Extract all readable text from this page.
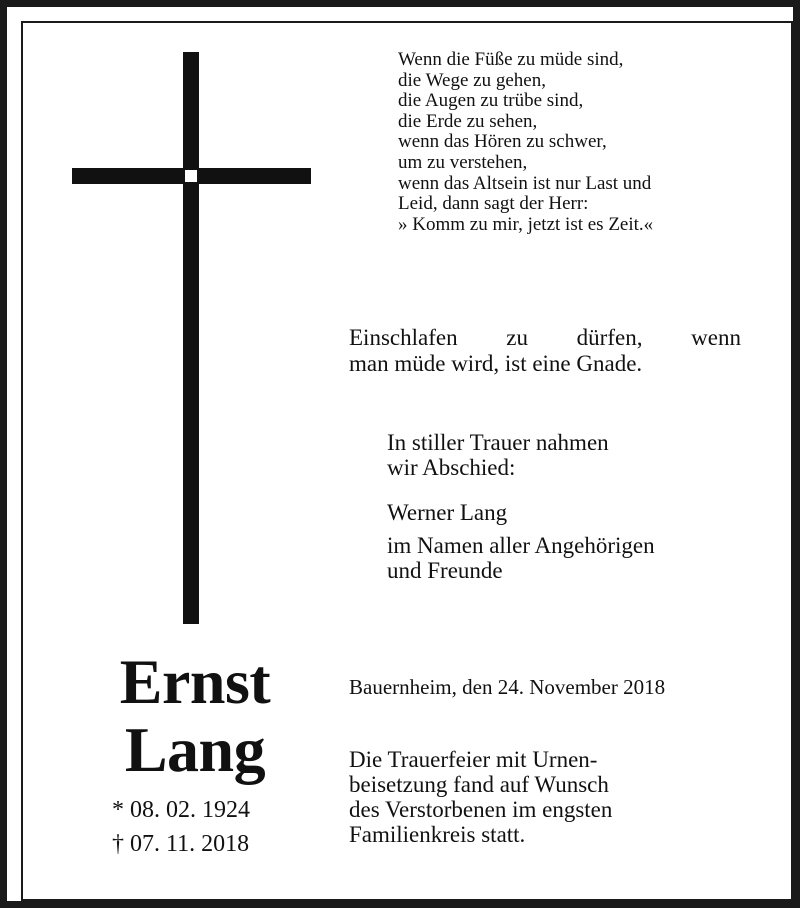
Wenn die Füße zu müde sind,
die Wege zu gehen,
die Augen zu trübe sind,
die Erde zu sehen,
wenn das Hören zu schwer,
um zu verstehen,
wenn das Altsein ist nur Last und
Leid, dann sagt der Herr:
» Komm zu mir, jetzt ist es Zeit.«
Einschlafen zu dürfen, wenn
man müde wird, ist eine Gnade.
In stiller Trauer nahmen
wir Abschied:
Werner Lang
im Namen aller Angehörigen
und Freunde
Ernst
Lang
* 08. 02. 1924
† 07. 11. 2018
Bauernheim, den 24. November 2018
Die Trauerfeier mit Urnen-
beisetzung fand auf Wunsch
des Verstorbenen im engsten
Familienkreis statt.
